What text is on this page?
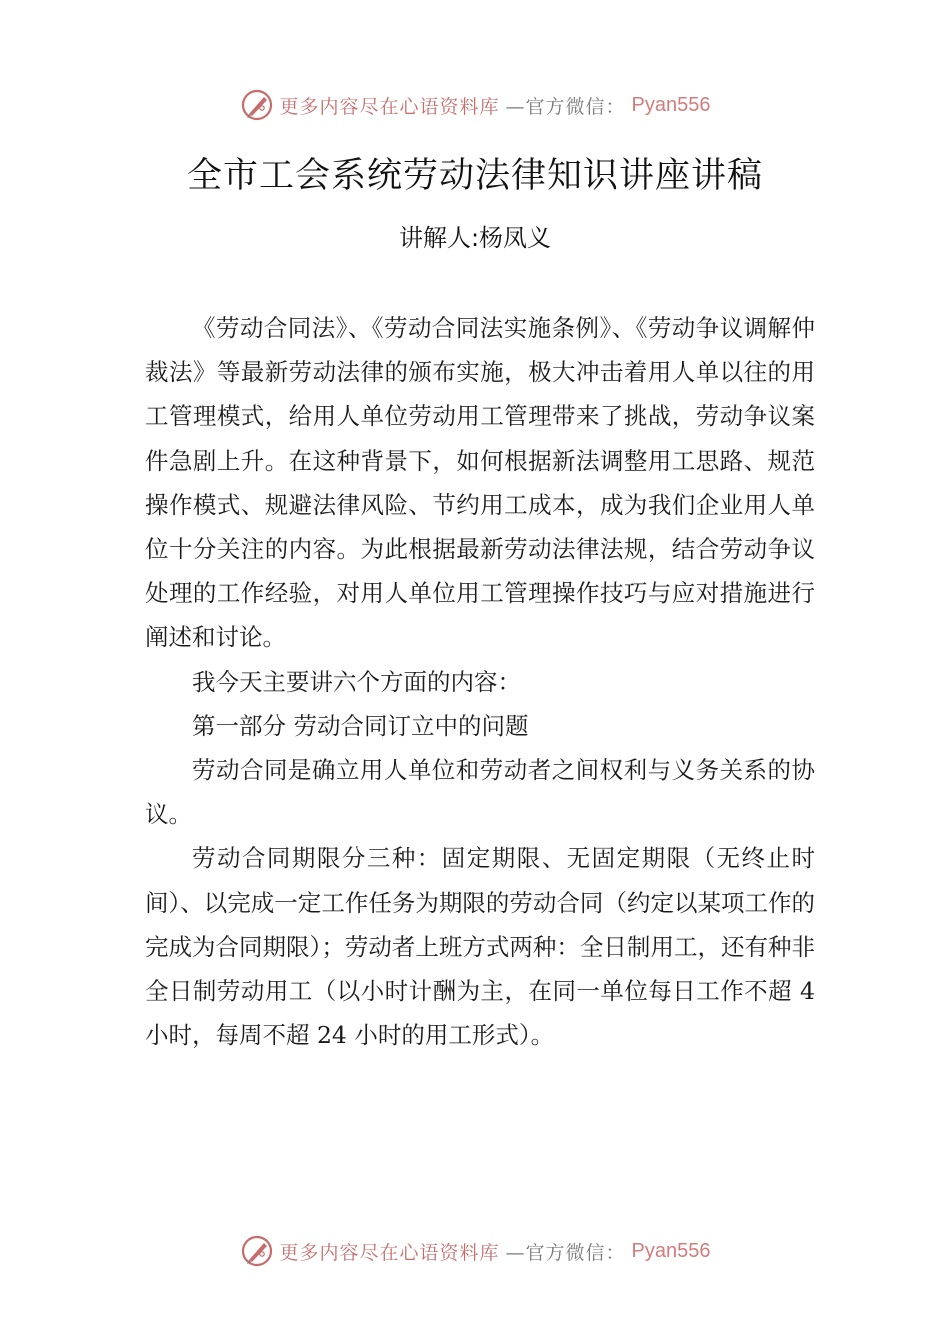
更多内容尽在心语资料库 —官方微信： Pyan556
全市工会系统劳动法律知识讲座讲稿
讲解人:杨凤义

《劳动合同法》、《劳动合同法实施条例》、《劳动争议调解仲裁法》等最新劳动法律的颁布实施，极大冲击着用人单以往的用工管理模式，给用人单位劳动用工管理带来了挑战，劳动争议案件急剧上升。在这种背景下，如何根据新法调整用工思路、规范操作模式、规避法律风险、节约用工成本，成为我们企业用人单位十分关注的内容。为此根据最新劳动法律法规，结合劳动争议处理的工作经验，对用人单位用工管理操作技巧与应对措施进行阐述和讨论。

我今天主要讲六个方面的内容：

第一部分 劳动合同订立中的问题

劳动合同是确立用人单位和劳动者之间权利与义务关系的协议。

劳动合同期限分三种：固定期限、无固定期限（无终止时间）、以完成一定工作任务为期限的劳动合同（约定以某项工作的完成为合同期限）；劳动者上班方式两种：全日制用工，还有种非全日制劳动用工（以小时计酬为主，在同一单位每日工作不超 4 小时，每周不超 24 小时的用工形式）。

更多内容尽在心语资料库 —官方微信： Pyan556
